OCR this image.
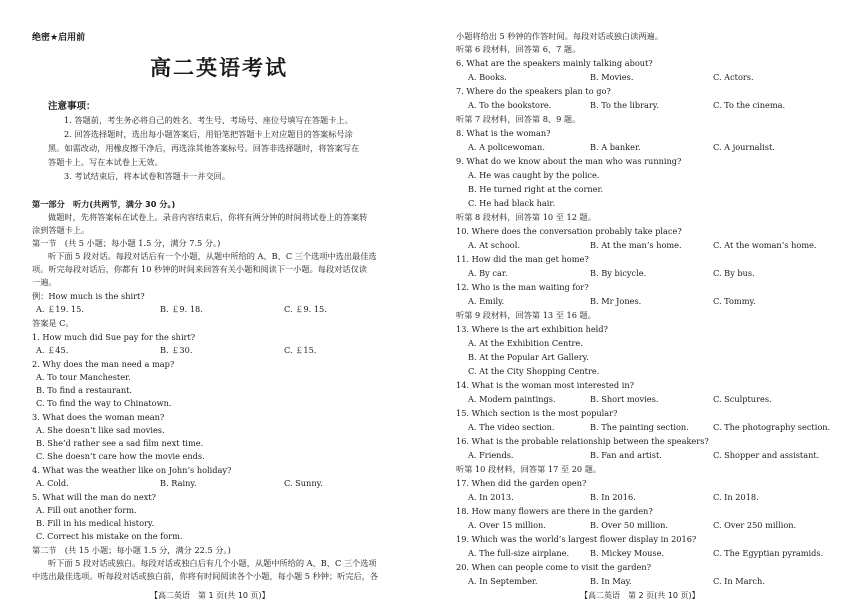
绝密★启用前
高二英语考试
注意事项：
1. 答题前，考生务必将自己的姓名、考生号、考场号、座位号填写在答题卡上。
2. 回答选择题时，选出每小题答案后，用铅笔把答题卡上对应题目的答案标号涂
黑。如需改动，用橡皮擦干净后，再选涂其他答案标号。回答非选择题时，将答案写在
答题卡上。写在本试卷上无效。
3. 考试结束后，将本试卷和答题卡一并交回。
第一部分　听力(共两节，满分 30 分。)
做题时，先将答案标在试卷上。录音内容结束后，你将有两分钟的时间将试卷上的答案转
涂到答题卡上。
第一节　(共 5 小题；每小题 1.5 分，满分 7.5 分。)
听下面 5 段对话。每段对话后有一个小题，从题中所给的 A、B、C 三个选项中选出最佳选
项。听完每段对话后，你都有 10 秒钟的时间来回答有关小题和阅读下一小题。每段对话仅读
一遍。
例：How much is the shirt?
A. ￡19. 15.	B. ￡9. 18.	C. ￡9. 15.
答案是 C。
1. How much did Sue pay for the shirt?
A. ￡45.	B. ￡30.	C. ￡15.
2. Why does the man need a map?
A. To tour Manchester.
B. To find a restaurant.
C. To find the way to Chinatown.
3. What does the woman mean?
A. She doesn’t like sad movies.
B. She’d rather see a sad film next time.
C. She doesn’t care how the movie ends.
4. What was the weather like on John’s holiday?
A. Cold.	B. Rainy.	C. Sunny.
5. What will the man do next?
A. Fill out another form.
B. Fill in his medical history.
C. Correct his mistake on the form.
第二节　(共 15 小题；每小题 1.5 分，满分 22.5 分。)
听下面 5 段对话或独白。每段对话或独白后有几个小题，从题中所给的 A、B、C 三个选项
中选出最佳选项。听每段对话或独白前，你将有时间阅读各个小题，每小题 5 秒钟；听完后，各
【高二英语　第 1 页(共 10 页)】
小题将给出 5 秒钟的作答时间。每段对话或独白读两遍。
听第 6 段材料，回答第 6、7 题。
6. What are the speakers mainly talking about?
A. Books.	B. Movies.	C. Actors.
7. Where do the speakers plan to go?
A. To the bookstore.	B. To the library.	C. To the cinema.
听第 7 段材料，回答第 8、9 题。
8. What is the woman?
A. A policewoman.	B. A banker.	C. A journalist.
9. What do we know about the man who was running?
A. He was caught by the police.
B. He turned right at the corner.
C. He had black hair.
听第 8 段材料，回答第 10 至 12 题。
10. Where does the conversation probably take place?
A. At school.	B. At the man’s home.	C. At the woman’s home.
11. How did the man get home?
A. By car.	B. By bicycle.	C. By bus.
12. Who is the man waiting for?
A. Emily.	B. Mr Jones.	C. Tommy.
听第 9 段材料，回答第 13 至 16 题。
13. Where is the art exhibition held?
A. At the Exhibition Centre.
B. At the Popular Art Gallery.
C. At the City Shopping Centre.
14. What is the woman most interested in?
A. Modern paintings.	B. Short movies.	C. Sculptures.
15. Which section is the most popular?
A. The video section.	B. The painting section.	C. The photography section.
16. What is the probable relationship between the speakers?
A. Friends.	B. Fan and artist.	C. Shopper and assistant.
听第 10 段材料，回答第 17 至 20 题。
17. When did the garden open?
A. In 2013.	B. In 2016.	C. In 2018.
18. How many flowers are there in the garden?
A. Over 15 million.	B. Over 50 million.	C. Over 250 million.
19. Which was the world’s largest flower display in 2016?
A. The full-size airplane.	B. Mickey Mouse.	C. The Egyptian pyramids.
20. When can people come to visit the garden?
A. In September.	B. In May.	C. In March.
【高二英语　第 2 页(共 10 页)】
